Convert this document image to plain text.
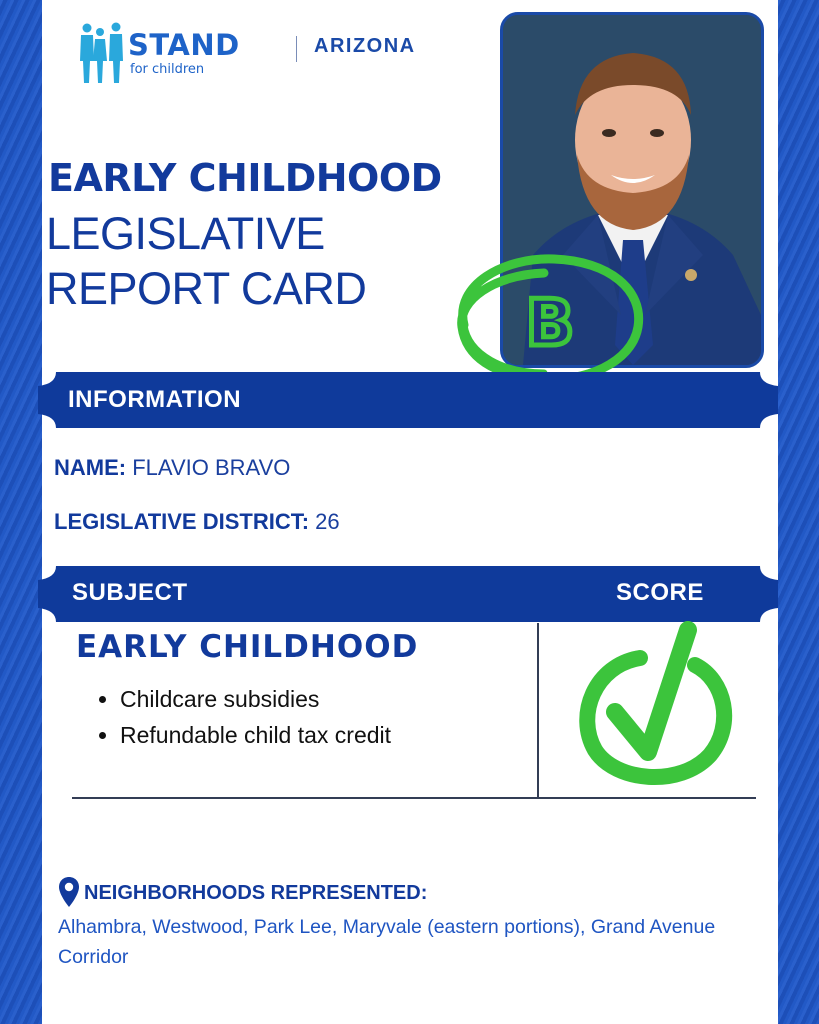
STAND
for children
ARIZONA
EARLY CHILDHOOD
LEGISLATIVE
REPORT CARD B
INFORMATION
NAME: FLAVIO BRAVO
LEGISLATIVE DISTRICT: 26
SUBJECT	SCORE
EARLY CHILDHOOD
• Childcare subsidies
• Refundable child tax credit
NEIGHBORHOODS REPRESENTED:
Alhambra, Westwood, Park Lee, Maryvale (eastern portions), Grand Avenue Corridor
